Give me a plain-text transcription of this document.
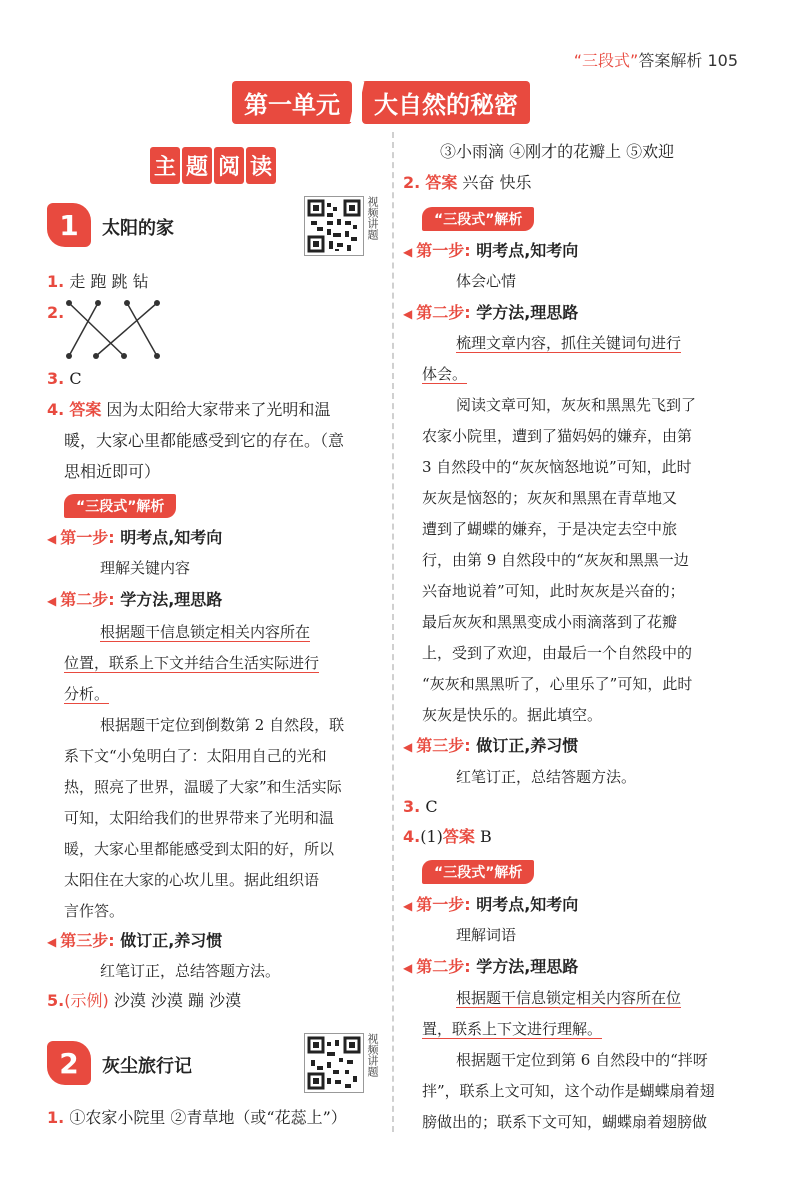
“三段式”答案解析 105
第一单元	大自然的秘密
主 题 阅 读
1	太阳的家	视频讲题
1. 走 跑 跳 钻
2.
3. C
4. 答案 因为太阳给大家带来了光明和温
暖，大家心里都能感受到它的存在。（意
思相近即可）
“三段式”解析
◀ 第一步: 明考点,知考向
理解关键内容
◀ 第二步: 学方法,理思路
根据题干信息锁定相关内容所在
位置，联系上下文并结合生活实际进行
分析。
根据题干定位到倒数第 2 自然段，联
系下文“小兔明白了：太阳用自己的光和
热，照亮了世界，温暖了大家”和生活实际
可知，太阳给我们的世界带来了光明和温
暖，大家心里都能感受到太阳的好，所以
太阳住在大家的心坎儿里。据此组织语
言作答。
◀ 第三步: 做订正,养习惯
红笔订正，总结答题方法。
5.(示例) 沙漠 沙漠 蹦 沙漠
2	灰尘旅行记	视频讲题
1. ①农家小院里 ②青草地（或“花蕊上”）
③小雨滴 ④刚才的花瓣上 ⑤欢迎
2. 答案 兴奋 快乐
“三段式”解析
◀ 第一步: 明考点,知考向
体会心情
◀ 第二步: 学方法,理思路
梳理文章内容，抓住关键词句进行
体会。
阅读文章可知，灰灰和黑黑先飞到了
农家小院里，遭到了猫妈妈的嫌弃，由第
3 自然段中的“灰灰恼怒地说”可知，此时
灰灰是恼怒的；灰灰和黑黑在青草地又
遭到了蝴蝶的嫌弃，于是决定去空中旅
行，由第 9 自然段中的“灰灰和黑黑一边
兴奋地说着”可知，此时灰灰是兴奋的；
最后灰灰和黑黑变成小雨滴落到了花瓣
上，受到了欢迎，由最后一个自然段中的
“灰灰和黑黑听了，心里乐了”可知，此时
灰灰是快乐的。据此填空。
◀ 第三步: 做订正,养习惯
红笔订正，总结答题方法。
3. C
4.(1)答案 B
“三段式”解析
◀ 第一步: 明考点,知考向
理解词语
◀ 第二步: 学方法,理思路
根据题干信息锁定相关内容所在位
置，联系上下文进行理解。
根据题干定位到第 6 自然段中的“拌呀
拌”，联系上文可知，这个动作是蝴蝶扇着翅
膀做出的；联系下文可知，蝴蝶扇着翅膀做
